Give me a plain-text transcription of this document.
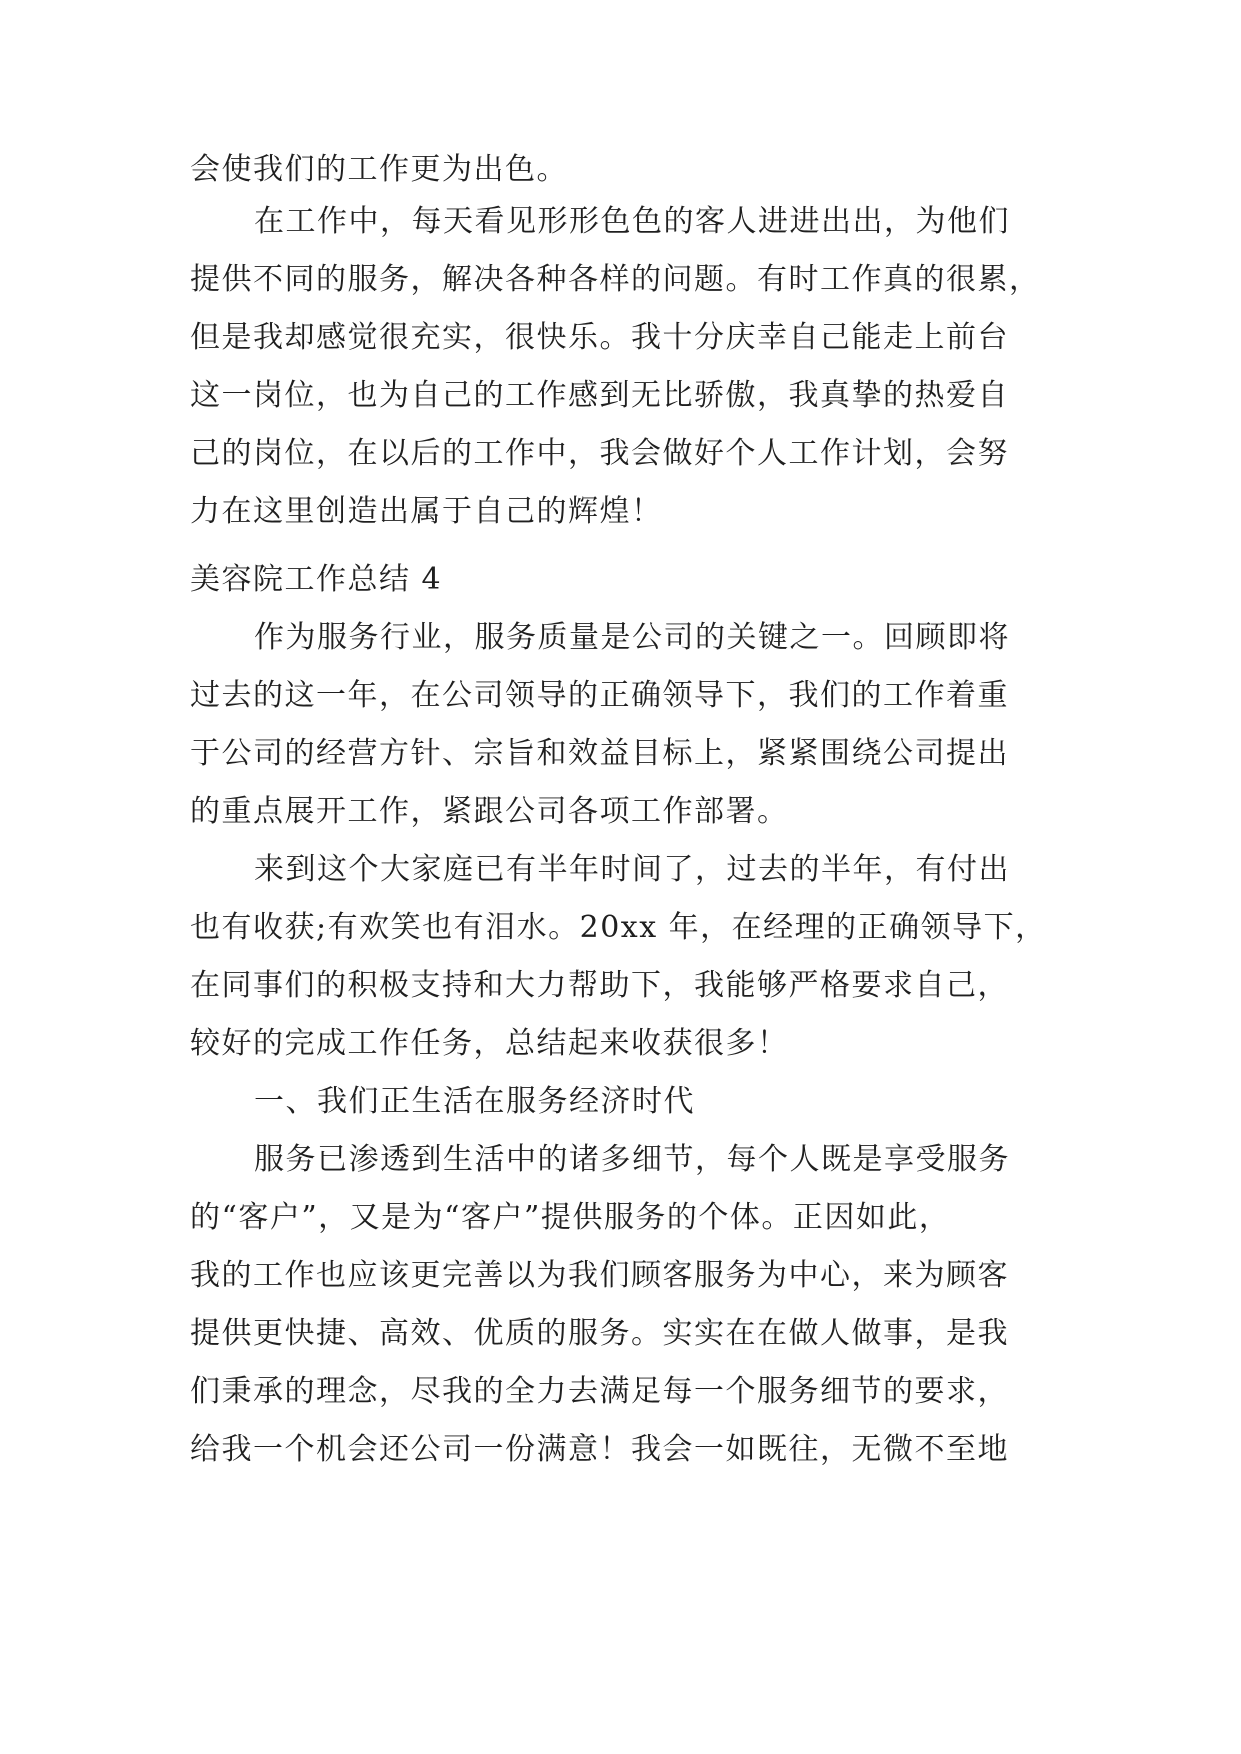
会使我们的工作更为出色。
在工作中，每天看见形形色色的客人进进出出，为他们
提供不同的服务，解决各种各样的问题。有时工作真的很累，
但是我却感觉很充实，很快乐。我十分庆幸自己能走上前台
这一岗位，也为自己的工作感到无比骄傲，我真挚的热爱自
己的岗位，在以后的工作中，我会做好个人工作计划，会努
力在这里创造出属于自己的辉煌！
美容院工作总结 4
作为服务行业，服务质量是公司的关键之一。回顾即将
过去的这一年，在公司领导的正确领导下，我们的工作着重
于公司的经营方针、宗旨和效益目标上，紧紧围绕公司提出
的重点展开工作，紧跟公司各项工作部署。
来到这个大家庭已有半年时间了，过去的半年，有付出
也有收获;有欢笑也有泪水。20xx 年，在经理的正确领导下，
在同事们的积极支持和大力帮助下，我能够严格要求自己，
较好的完成工作任务，总结起来收获很多！
一、我们正生活在服务经济时代
服务已渗透到生活中的诸多细节，每个人既是享受服务
的“客户”，又是为“客户”提供服务的个体。正因如此，
我的工作也应该更完善以为我们顾客服务为中心，来为顾客
提供更快捷、高效、优质的服务。实实在在做人做事，是我
们秉承的理念，尽我的全力去满足每一个服务细节的要求，
给我一个机会还公司一份满意！我会一如既往，无微不至地
